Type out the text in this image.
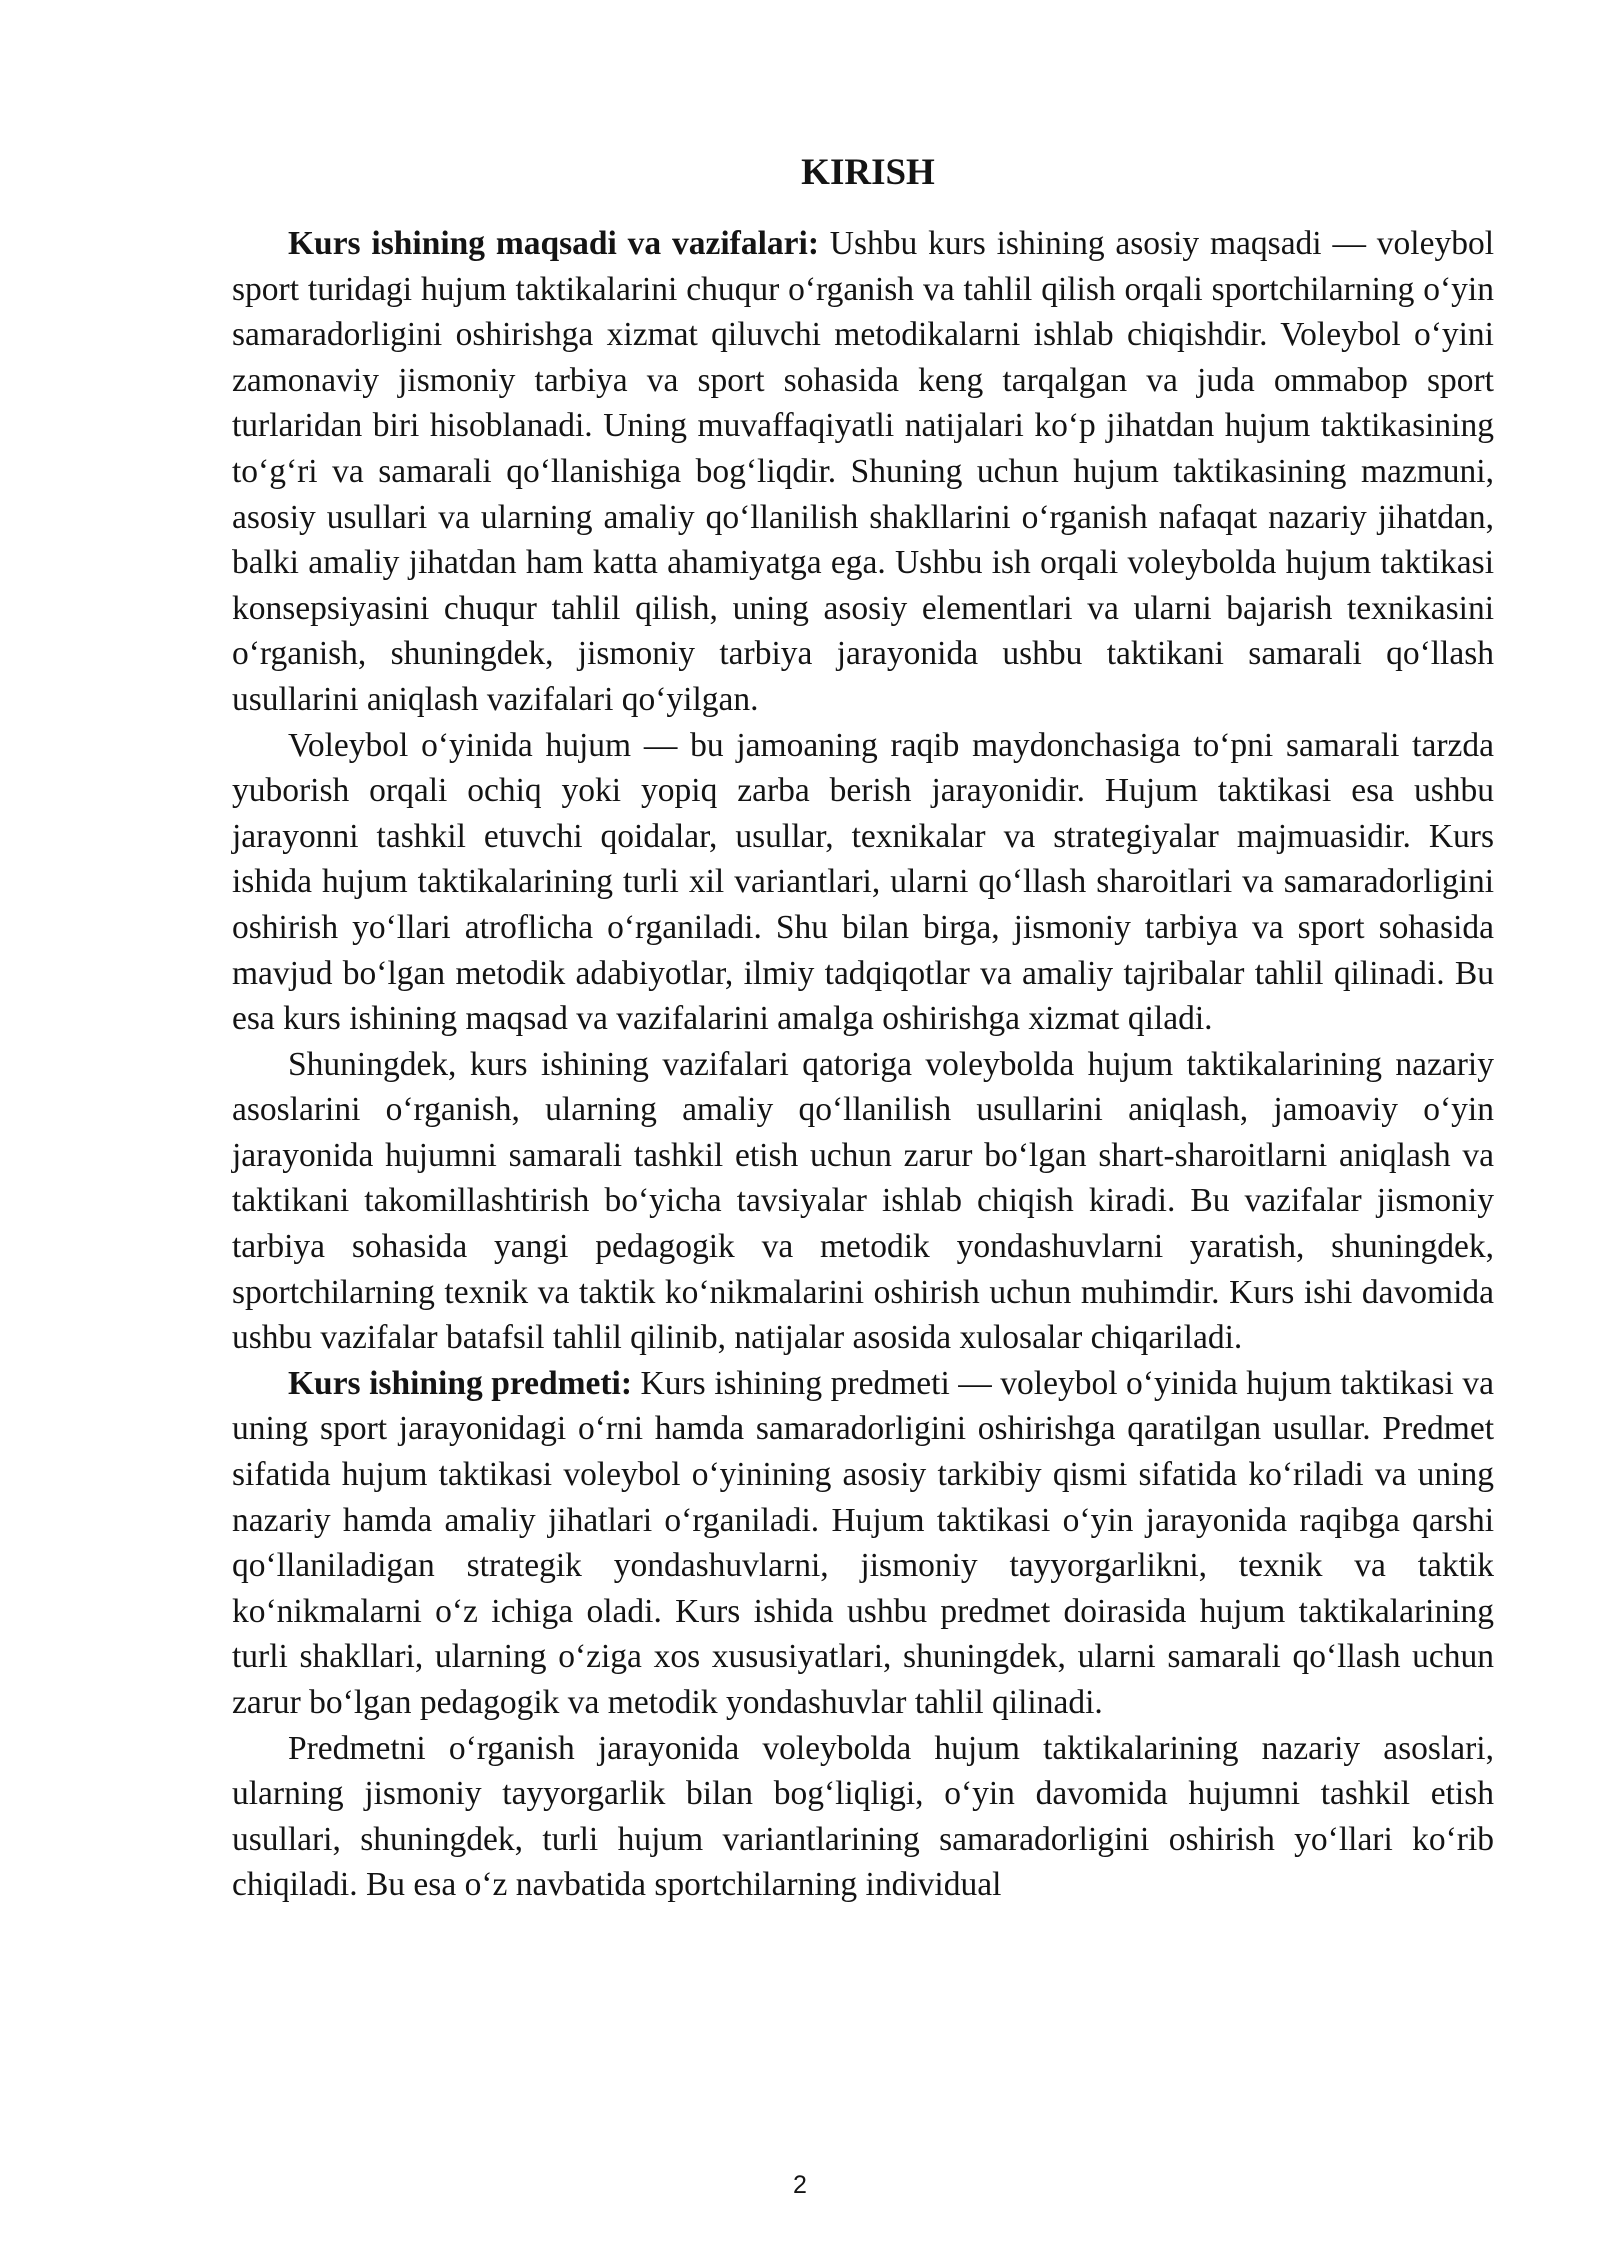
KIRISH

Kurs ishining maqsadi va vazifalari: Ushbu kurs ishining asosiy maqsadi — voleybol sport turidagi hujum taktikalarini chuqur o‘rganish va tahlil qilish orqali sportchilarning o‘yin samaradorligini oshirishga xizmat qiluvchi metodikalarni ishlab chiqishdir. Voleybol o‘yini zamonaviy jismoniy tarbiya va sport sohasida keng tarqalgan va juda ommabop sport turlaridan biri hisoblanadi. Uning muvaffaqiyatli natijalari ko‘p jihatdan hujum taktikasining to‘g‘ri va samarali qo‘llanishiga bog‘liqdir. Shuning uchun hujum taktikasining mazmuni, asosiy usullari va ularning amaliy qo‘llanilish shakllarini o‘rganish nafaqat nazariy jihatdan, balki amaliy jihatdan ham katta ahamiyatga ega. Ushbu ish orqali voleybolda hujum taktikasi konsepsiyasini chuqur tahlil qilish, uning asosiy elementlari va ularni bajarish texnikasini o‘rganish, shuningdek, jismoniy tarbiya jarayonida ushbu taktikani samarali qo‘llash usullarini aniqlash vazifalari qo‘yilgan.

Voleybol o‘yinida hujum — bu jamoaning raqib maydonchasiga to‘pni samarali tarzda yuborish orqali ochiq yoki yopiq zarba berish jarayonidir. Hujum taktikasi esa ushbu jarayonni tashkil etuvchi qoidalar, usullar, texnikalar va strategiyalar majmuasidir. Kurs ishida hujum taktikalarining turli xil variantlari, ularni qo‘llash sharoitlari va samaradorligini oshirish yo‘llari atroflicha o‘rganiladi. Shu bilan birga, jismoniy tarbiya va sport sohasida mavjud bo‘lgan metodik adabiyotlar, ilmiy tadqiqotlar va amaliy tajribalar tahlil qilinadi. Bu esa kurs ishining maqsad va vazifalarini amalga oshirishga xizmat qiladi.

Shuningdek, kurs ishining vazifalari qatoriga voleybolda hujum taktikalarining nazariy asoslarini o‘rganish, ularning amaliy qo‘llanilish usullarini aniqlash, jamoaviy o‘yin jarayonida hujumni samarali tashkil etish uchun zarur bo‘lgan shart-sharoitlarni aniqlash va taktikani takomillashtirish bo‘yicha tavsiyalar ishlab chiqish kiradi. Bu vazifalar jismoniy tarbiya sohasida yangi pedagogik va metodik yondashuvlarni yaratish, shuningdek, sportchilarning texnik va taktik ko‘nikmalarini oshirish uchun muhimdir. Kurs ishi davomida ushbu vazifalar batafsil tahlil qilinib, natijalar asosida xulosalar chiqariladi.

Kurs ishining predmeti: Kurs ishining predmeti — voleybol o‘yinida hujum taktikasi va uning sport jarayonidagi o‘rni hamda samaradorligini oshirishga qaratilgan usullar. Predmet sifatida hujum taktikasi voleybol o‘yinining asosiy tarkibiy qismi sifatida ko‘riladi va uning nazariy hamda amaliy jihatlari o‘rganiladi. Hujum taktikasi o‘yin jarayonida raqibga qarshi qo‘llaniladigan strategik yondashuvlarni, jismoniy tayyorgarlikni, texnik va taktik ko‘nikmalarni o‘z ichiga oladi. Kurs ishida ushbu predmet doirasida hujum taktikalarining turli shakllari, ularning o‘ziga xos xususiyatlari, shuningdek, ularni samarali qo‘llash uchun zarur bo‘lgan pedagogik va metodik yondashuvlar tahlil qilinadi.

Predmetni o‘rganish jarayonida voleybolda hujum taktikalarining nazariy asoslari, ularning jismoniy tayyorgarlik bilan bog‘liqligi, o‘yin davomida hujumni tashkil etish usullari, shuningdek, turli hujum variantlarining samaradorligini oshirish yo‘llari ko‘rib chiqiladi. Bu esa o‘z navbatida sportchilarning individual

2
